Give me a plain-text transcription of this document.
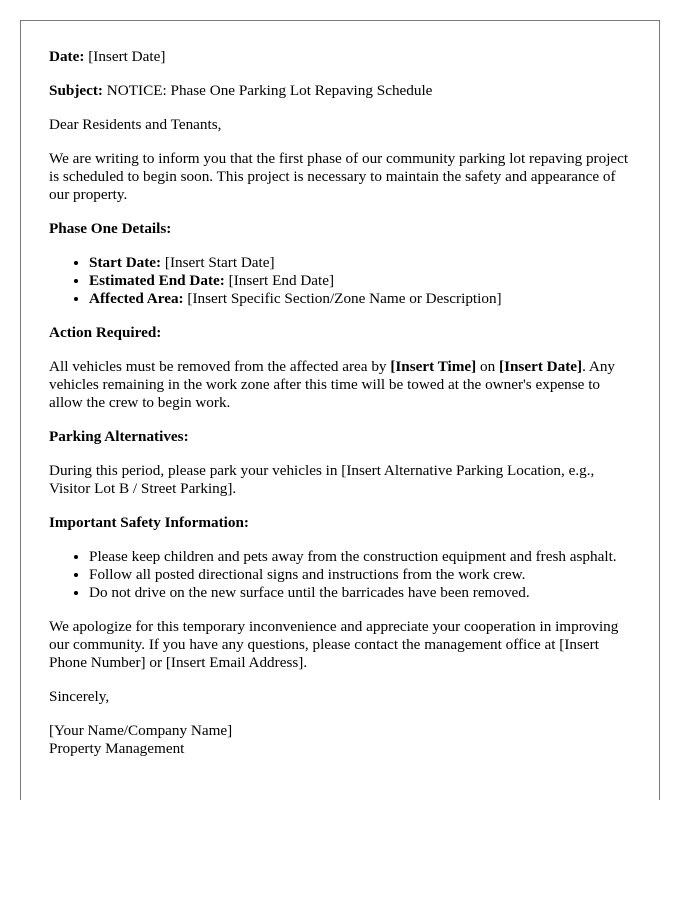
Date: [Insert Date]

Subject: NOTICE: Phase One Parking Lot Repaving Schedule

Dear Residents and Tenants,

We are writing to inform you that the first phase of our community parking lot repaving project is scheduled to begin soon. This project is necessary to maintain the safety and appearance of our property.

Phase One Details:

• Start Date: [Insert Start Date]
• Estimated End Date: [Insert End Date]
• Affected Area: [Insert Specific Section/Zone Name or Description]

Action Required:

All vehicles must be removed from the affected area by [Insert Time] on [Insert Date]. Any vehicles remaining in the work zone after this time will be towed at the owner's expense to allow the crew to begin work.

Parking Alternatives:

During this period, please park your vehicles in [Insert Alternative Parking Location, e.g., Visitor Lot B / Street Parking].

Important Safety Information:

• Please keep children and pets away from the construction equipment and fresh asphalt.
• Follow all posted directional signs and instructions from the work crew.
• Do not drive on the new surface until the barricades have been removed.

We apologize for this temporary inconvenience and appreciate your cooperation in improving our community. If you have any questions, please contact the management office at [Insert Phone Number] or [Insert Email Address].

Sincerely,

[Your Name/Company Name]

Property Management
